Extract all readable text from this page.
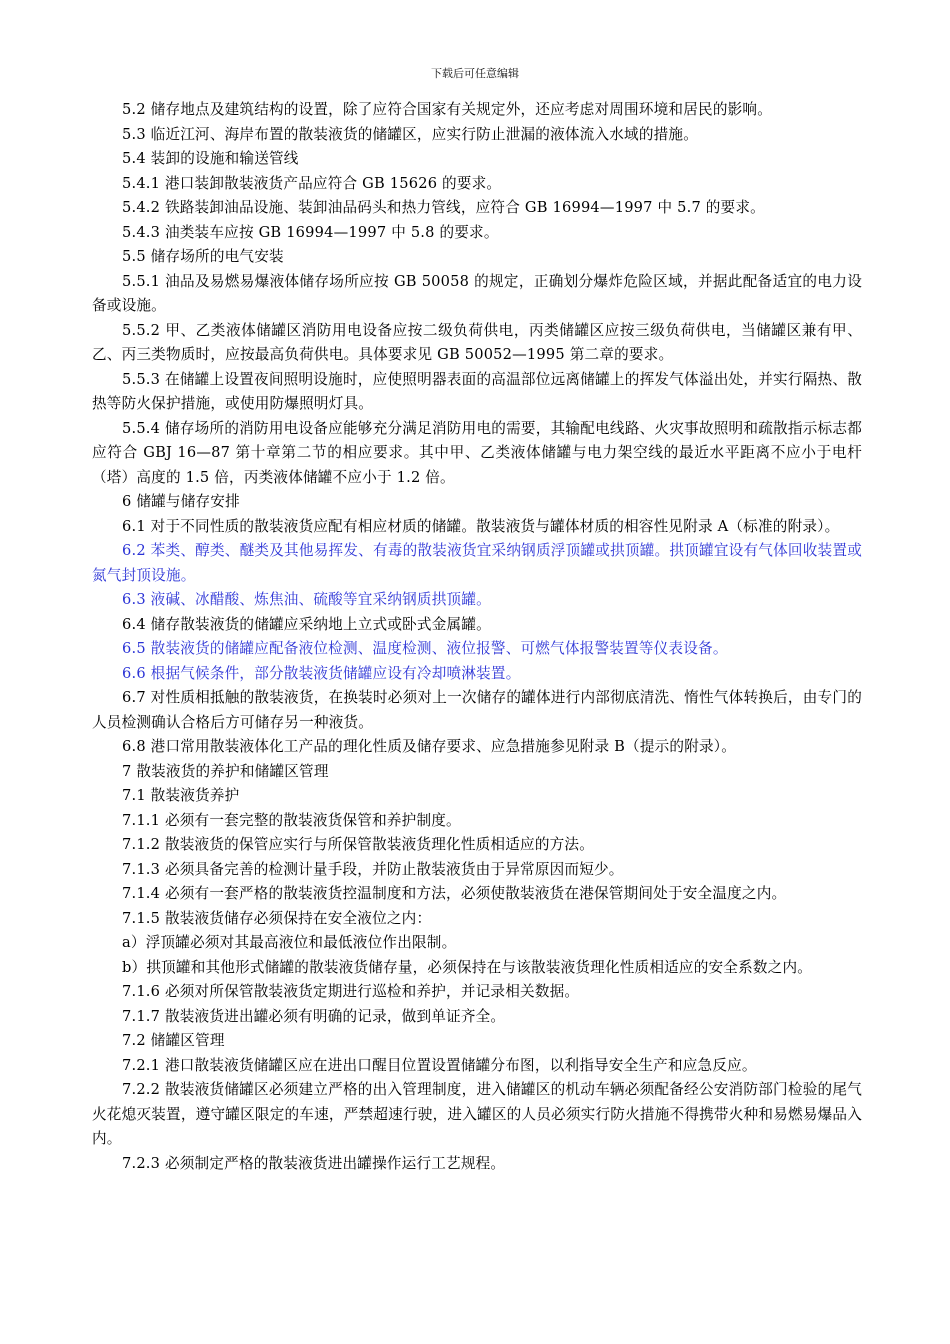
下载后可任意编辑

5.2 储存地点及建筑结构的设置，除了应符合国家有关规定外，还应考虑对周围环境和居民的影响。

5.3 临近江河、海岸布置的散装液货的储罐区，应实行防止泄漏的液体流入水域的措施。

5.4 装卸的设施和输送管线

5.4.1 港口装卸散装液货产品应符合 GB 15626 的要求。

5.4.2 铁路装卸油品设施、装卸油品码头和热力管线，应符合 GB 16994—1997 中 5.7 的要求。

5.4.3 油类装车应按 GB 16994—1997 中 5.8 的要求。

5.5 储存场所的电气安装

5.5.1 油品及易燃易爆液体储存场所应按 GB 50058 的规定，正确划分爆炸危险区域，并据此配备适宜的电力设备或设施。

5.5.2 甲、乙类液体储罐区消防用电设备应按二级负荷供电，丙类储罐区应按三级负荷供电，当储罐区兼有甲、乙、丙三类物质时，应按最高负荷供电。具体要求见 GB 50052—1995 第二章的要求。

5.5.3 在储罐上设置夜间照明设施时，应使照明器表面的高温部位远离储罐上的挥发气体溢出处，并实行隔热、散热等防火保护措施，或使用防爆照明灯具。

5.5.4 储存场所的消防用电设备应能够充分满足消防用电的需要，其输配电线路、火灾事故照明和疏散指示标志都应符合 GBJ 16—87 第十章第二节的相应要求。其中甲、乙类液体储罐与电力架空线的最近水平距离不应小于电杆（塔）高度的 1.5 倍，丙类液体储罐不应小于 1.2 倍。

6 储罐与储存安排

6.1 对于不同性质的散装液货应配有相应材质的储罐。散装液货与罐体材质的相容性见附录 A（标准的附录）。

6.2 苯类、醇类、醚类及其他易挥发、有毒的散装液货宜采纳钢质浮顶罐或拱顶罐。拱顶罐宜设有气体回收装置或氮气封顶设施。

6.3 液碱、冰醋酸、炼焦油、硫酸等宜采纳钢质拱顶罐。

6.4 储存散装液货的储罐应采纳地上立式或卧式金属罐。

6.5 散装液货的储罐应配备液位检测、温度检测、液位报警、可燃气体报警装置等仪表设备。

6.6 根据气候条件，部分散装液货储罐应设有冷却喷淋装置。

6.7 对性质相抵触的散装液货，在换装时必须对上一次储存的罐体进行内部彻底清洗、惰性气体转换后，由专门的人员检测确认合格后方可储存另一种液货。

6.8 港口常用散装液体化工产品的理化性质及储存要求、应急措施参见附录 B（提示的附录）。

7 散装液货的养护和储罐区管理

7.1 散装液货养护

7.1.1 必须有一套完整的散装液货保管和养护制度。

7.1.2 散装液货的保管应实行与所保管散装液货理化性质相适应的方法。

7.1.3 必须具备完善的检测计量手段，并防止散装液货由于异常原因而短少。

7.1.4 必须有一套严格的散装液货控温制度和方法，必须使散装液货在港保管期间处于安全温度之内。

7.1.5 散装液货储存必须保持在安全液位之内：

a）浮顶罐必须对其最高液位和最低液位作出限制。

b）拱顶罐和其他形式储罐的散装液货储存量，必须保持在与该散装液货理化性质相适应的安全系数之内。

7.1.6 必须对所保管散装液货定期进行巡检和养护，并记录相关数据。

7.1.7 散装液货进出罐必须有明确的记录，做到单证齐全。

7.2 储罐区管理

7.2.1 港口散装液货储罐区应在进出口醒目位置设置储罐分布图，以利指导安全生产和应急反应。

7.2.2 散装液货储罐区必须建立严格的出入管理制度，进入储罐区的机动车辆必须配备经公安消防部门检验的尾气火花熄灭装置，遵守罐区限定的车速，严禁超速行驶，进入罐区的人员必须实行防火措施不得携带火种和易燃易爆品入内。

7.2.3 必须制定严格的散装液货进出罐操作运行工艺规程。
